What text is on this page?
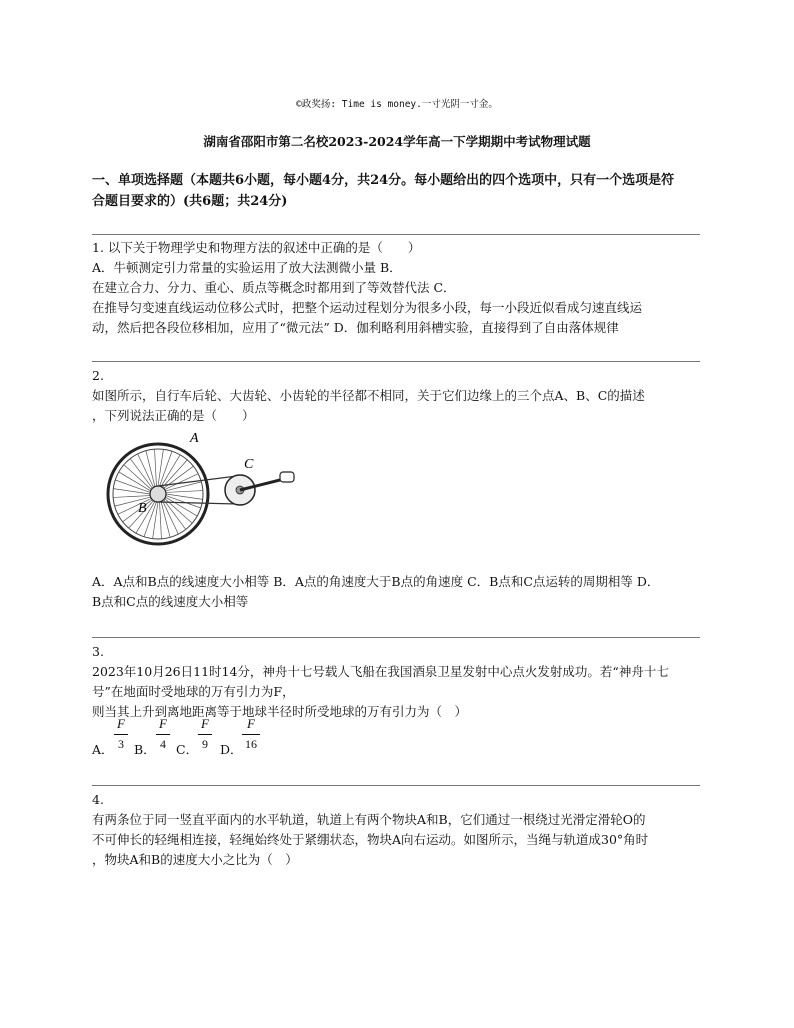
©政奖扬: Time is money.一寸光阴一寸金。
湖南省邵阳市第二名校2023-2024学年高一下学期期中考试物理试题
一、单项选择题（本题共6小题，每小题4分，共24分。每小题给出的四个选项中，只有一个选项是符
合题目要求的）(共6题；共24分)

1. 以下关于物理学史和物理方法的叙述中正确的是（　　）

A．牛顿测定引力常量的实验运用了放大法测微小量 B．

在建立合力、分力、重心、质点等概念时都用到了等效替代法 C．

在推导匀变速直线运动位移公式时，把整个运动过程划分为很多小段，每一小段近似看成匀速直线运

动，然后把各段位移相加，应用了“微元法” D．伽利略利用斜槽实验，直接得到了自由落体规律

2.

如图所示，自行车后轮、大齿轮、小齿轮的半径都不相同，关于它们边缘上的三个点A、B、C的描述

，下列说法正确的是（　　）

A
B
C

A．A点和B点的线速度大小相等 B．A点的角速度大于B点的角速度 C．B点和C点运转的周期相等 D．

B点和C点的线速度大小相等

3.

2023年10月26日11时14分，神舟十七号载人飞船在我国酒泉卫星发射中心点火发射成功。若“神舟十七

号”在地面时受地球的万有引力为F，

则当其上升到离地距离等于地球半径时所受地球的万有引力为（　）

A．
F
3 B．
F
4 C．
F
9 D．
F
16

4.

有两条位于同一竖直平面内的水平轨道，轨道上有两个物块A和B，它们通过一根绕过光滑定滑轮O的

不可伸长的轻绳相连接，轻绳始终处于紧绷状态，物块A向右运动。如图所示，当绳与轨道成30°角时

，物块A和B的速度大小之比为（　）
